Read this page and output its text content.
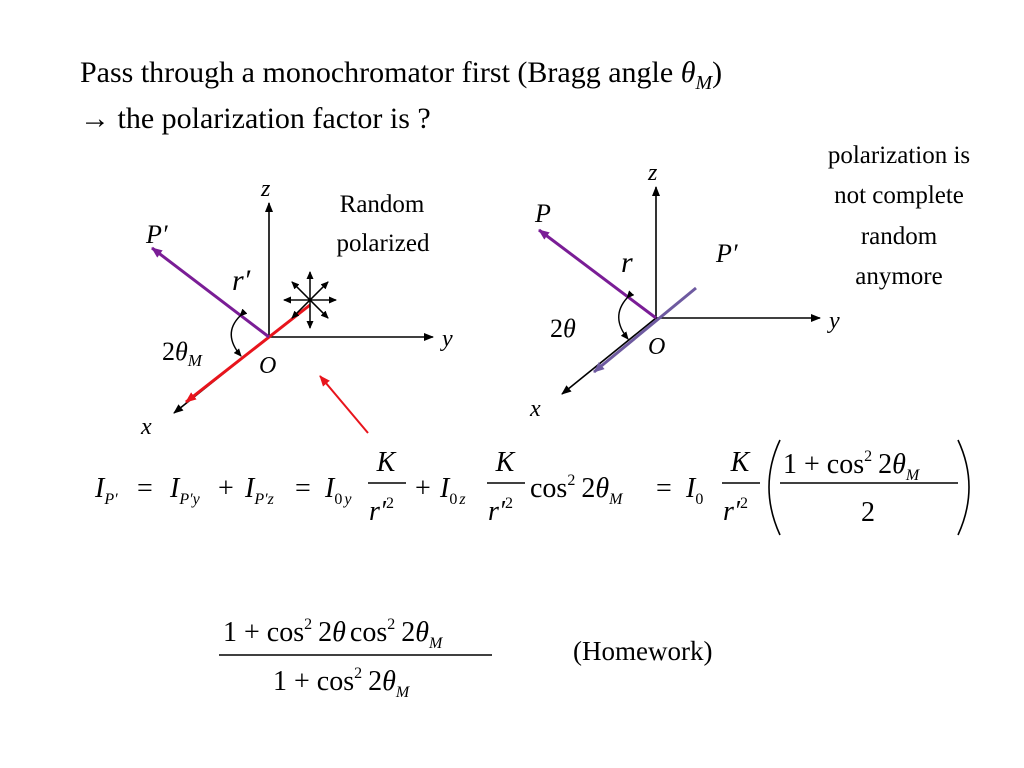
Pass through a monochromator first (Bragg angle $\theta_M$)
→ the polarization factor is ?
z
y
x
O
P′
r′
$2\theta_M$
Random
polarized
z
y
x
O
P
P′
r
2θ
polarization is
not complete
random
anymore
$I_{P'} = I_{P'y} + I_{P'z} = I_0$ y
K
$r'^2 + I_0$ z
K
$r'^2$ $\cos^2 2\theta_M = I_0$
K
$r'^2$
$1 + \cos^2 2\theta_M$
2
$1 + \cos^2 2\theta$ $\cos^2 2\theta_M$
$1 + \cos^2 2\theta_M$
(Homework)
